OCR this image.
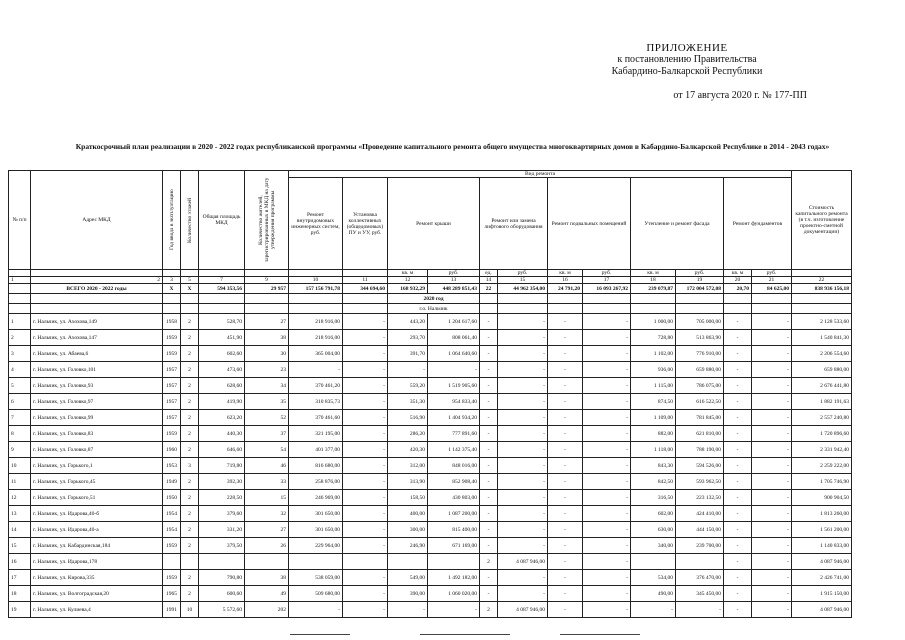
ПРИЛОЖЕНИЕ
к постановлению Правительства
Кабардино-Балкарской Республики
от 17 августа 2020 г. № 177-ПП
Краткосрочный план реализации в 2020 - 2022 годах республиканской программы «Проведение капитального ремонта общего имущества многоквартирных домов в Кабардино-Балкарской Республике в 2014 - 2043 годах»
№ п/п	Адрес МКД	Год ввода в эксплуатацию	Количество этажей	Общая площадь МКД	Количество жителей, зарегистрированных в МКД на дату утверждения программы	Вид ремонта												Стоимость капитального ремонта (в т.ч. изготовление проектно-сметной документации)
						Ремонт внутридомовых инженерных систем, руб.	Установка коллективных (общедомовых) ПУ и УУ, руб.	Ремонт крыши		Ремонт или замена лифтового оборудования		Ремонт подвальных помещений		Утепление и ремонт фасада		Ремонт фундаментов		
								кв. м	руб.	ед.	руб.	кв. м	руб.	кв. м	руб.	кв. м	руб.	
1	2	3	5	7	9	10	11	12	13	14	15	16	17	18	19	20	21	22
	ВСЕГО 2020 - 2022 годы	Х	Х	594 353,56	29 957	157 156 791,78	344 694,60	168 932,29	448 289 851,43	22	44 962 354,00	24 791,20	16 093 267,92	239 079,87	172 004 572,08	20,70	84 625,00	838 936 156,18
								2020 год										
								г.о. Нальчик										
1	г. Нальчик, ул. Ахохова,149	1958	2	528,70	27	218 916,00	-	443,20	1 204 617,60	-	-	-	-	1 000,00	705 000,00	-	-	2 128 533,60
2	г. Нальчик, ул. Ахохова,147	1959	2	451,90	38	218 916,00	-	293,70	808 061,40	-	-	-	-	728,80	513 863,90	-	-	1 540 841,30
3	г. Нальчик, ул. Абаева,6	1959	2	602,60	30	365 004,00	-	391,70	1 064 640,60	-	-	-	-	1 102,00	776 910,00	-	-	2 206 554,60
4	г. Нальчик, ул. Головко,101	1957	2	473,60	23	-	-	-	-	-	-	-	-	936,00	659 880,00	-	-	659 880,00
5	г. Нальчик, ул. Головко,93	1957	2	628,60	34	370 461,20	-	559,20	1 519 905,60	-	-	-	-	1 115,00	786 075,00	-	-	2 676 441,80
6	г. Нальчик, ул. Головко,97	1957	2	419,90	35	310 835,73	-	351,30	954 833,40	-	-	-	-	874,50	616 522,50	-	-	1 882 191,63
7	г. Нальчик, ул. Головко,99	1957	2	623,20	52	370 461,60	-	516,90	1 404 934,20	-	-	-	-	1 109,00	781 845,00	-	-	2 557 240,80
8	г. Нальчик, ул. Головко,83	1959	2	440,30	37	321 195,00	-	286,20	777 891,60	-	-	-	-	882,00	621 810,00	-	-	1 720 896,60
9	г. Нальчик, ул. Головко,87	1960	2	646,60	54	401 377,00	-	420,30	1 142 375,40	-	-	-	-	1 118,00	788 190,00	-	-	2 331 942,40
10	г. Нальчик, ул. Горького,1	1953	3	719,80	46	816 680,00	-	312,00	848 016,00	-	-	-	-	843,30	594 526,00	-	-	2 259 222,00
11	г. Нальчик, ул. Горького,45	1949	2	392,30	33	258 876,00	-	313,90	852 908,40	-	-	-	-	842,50	593 962,50	-	-	1 705 746,90
12	г. Нальчик, ул. Горького,51	1950	2	228,50	15	246 969,00	-	158,50	430 803,00	-	-	-	-	316,50	223 132,50	-	-	900 904,50
13	г. Нальчик, ул. Идарова,40-б	1954	2	379,60	32	301 650,00	-	400,00	1 087 200,00	-	-	-	-	602,00	424 410,00	-	-	1 813 260,00
14	г. Нальчик, ул. Идарова,40-а	1954	2	331,20	27	301 650,00	-	300,00	815 400,00	-	-	-	-	630,00	444 150,00	-	-	1 561 200,00
15	г. Нальчик, ул. Кабардинская,184	1959	2	379,50	26	229 964,00	-	246,90	671 169,00	-	-	-	-	340,00	239 700,00	-	-	1 140 833,00
16	г. Нальчик, ул. Идарова,178									2	4 087 946,00	-	-			-	-	4 087 946,00
17	г. Нальчик, ул. Кирова,335	1959	2	790,80	38	538 059,00	-	549,00	1 492 182,00	-	-	-	-	534,00	376 470,00	-	-	2 426 741,00
18	г. Нальчик, ул. Волгоградская,20	1965	2	600,60	49	509 680,00	-	390,00	1 060 020,00	-	-	-	-	490,00	345 450,00	-	-	1 915 150,00
19	г. Нальчик, ул. Кулиева,4	1991	10	5 572,60	202	-	-	-	-	2	4 087 946,00	-	-	-	-	-	-	4 087 946,00
